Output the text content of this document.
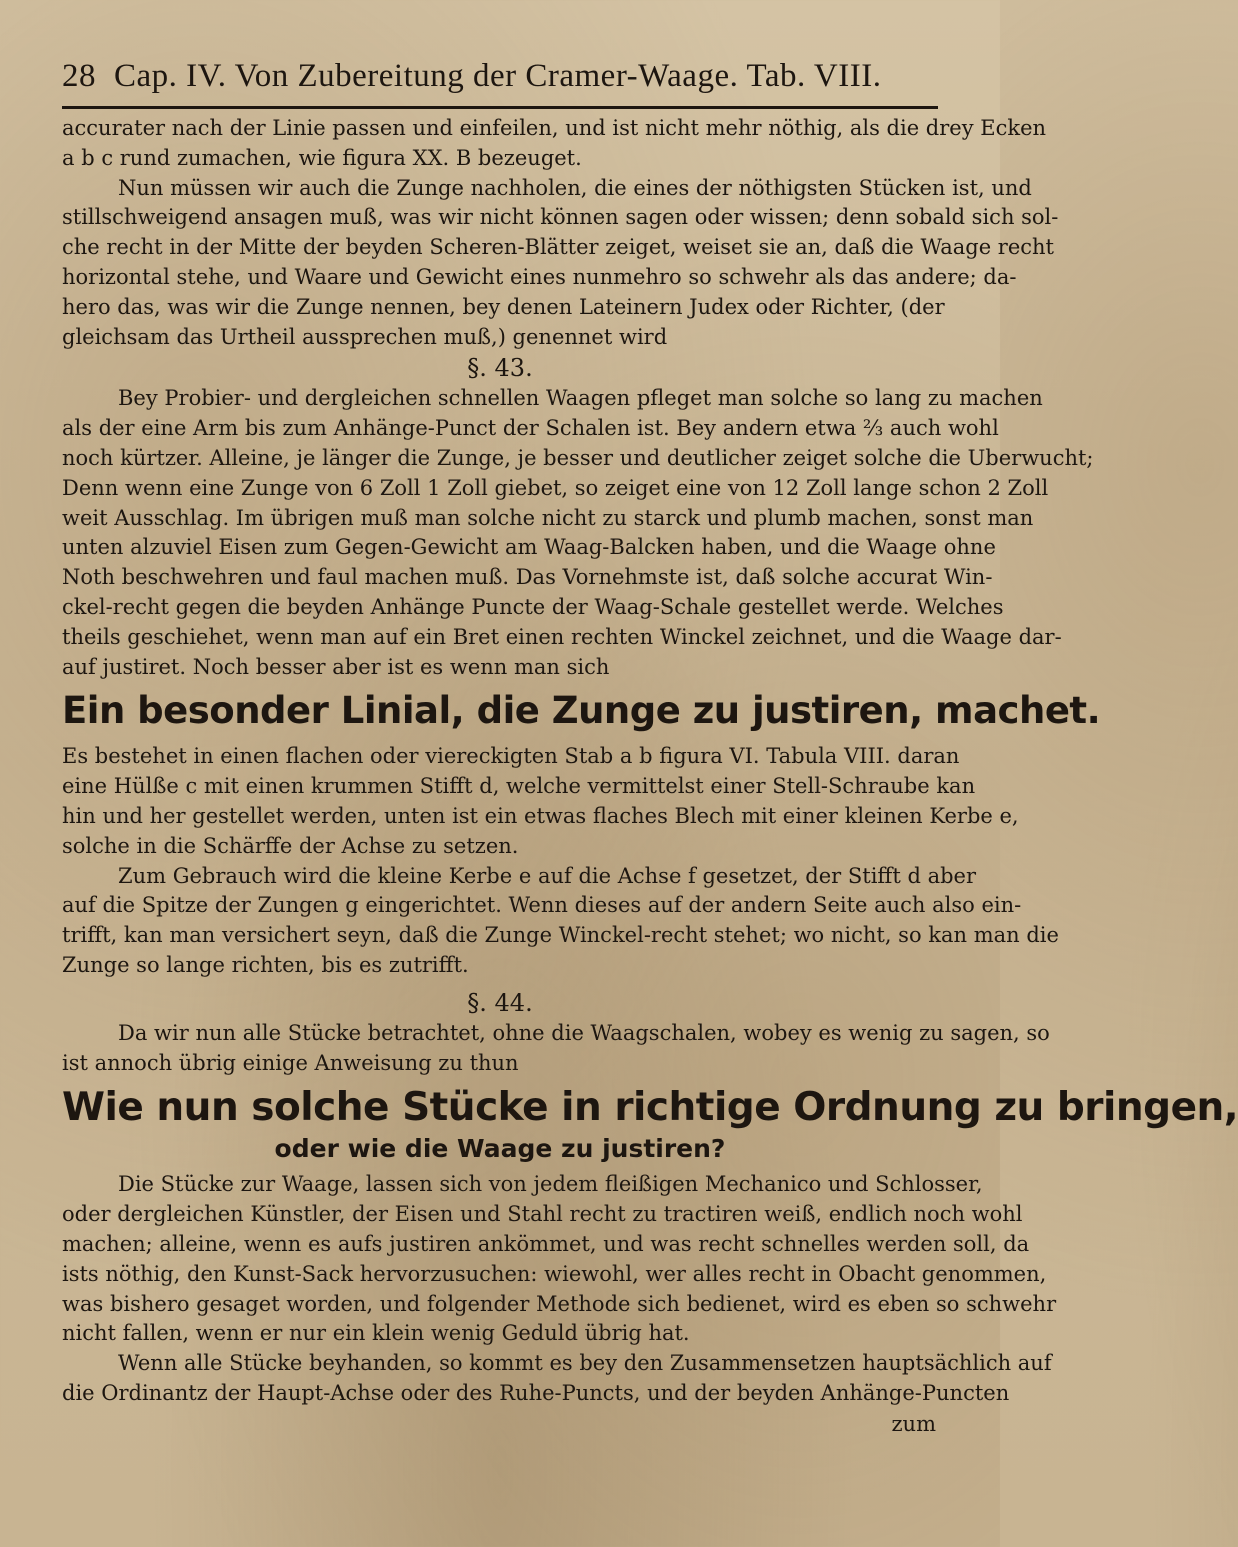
28 Cap. IV. Von Zubereitung der Cramer-Waage. Tab. VIII.

accurater nach der Linie passen und einfeilen, und ist nicht mehr nöthig, als die drey Ecken

a b c rund zumachen, wie figura XX. B bezeuget.

Nun müssen wir auch die Zunge nachholen, die eines der nöthigsten Stücken ist, und

stillschweigend ansagen muß, was wir nicht können sagen oder wissen; denn sobald sich sol-

che recht in der Mitte der beyden Scheren-Blätter zeiget, weiset sie an, daß die Waage recht

horizontal stehe, und Waare und Gewicht eines nunmehro so schwehr als das andere; da-

hero das, was wir die Zunge nennen, bey denen Lateinern Judex oder Richter, (der

gleichsam das Urtheil aussprechen muß,) genennet wird

§. 43.

Bey Probier- und dergleichen schnellen Waagen pfleget man solche so lang zu machen

als der eine Arm bis zum Anhänge-Punct der Schalen ist. Bey andern etwa ⅔ auch wohl

noch kürtzer. Alleine, je länger die Zunge, je besser und deutlicher zeiget solche die Uberwucht;

Denn wenn eine Zunge von 6 Zoll 1 Zoll giebet, so zeiget eine von 12 Zoll lange schon 2 Zoll

weit Ausschlag. Im übrigen muß man solche nicht zu starck und plumb machen, sonst man

unten alzuviel Eisen zum Gegen-Gewicht am Waag-Balcken haben, und die Waage ohne

Noth beschwehren und faul machen muß. Das Vornehmste ist, daß solche accurat Win-

ckel-recht gegen die beyden Anhänge Puncte der Waag-Schale gestellet werde. Welches

theils geschiehet, wenn man auf ein Bret einen rechten Winckel zeichnet, und die Waage dar-

auf justiret. Noch besser aber ist es wenn man sich

Ein besonder Linial, die Zunge zu justiren, machet.

Es bestehet in einen flachen oder viereckigten Stab a b figura VI. Tabula VIII. daran

eine Hülße c mit einen krummen Stifft d, welche vermittelst einer Stell-Schraube kan

hin und her gestellet werden, unten ist ein etwas flaches Blech mit einer kleinen Kerbe e,

solche in die Schärffe der Achse zu setzen.

Zum Gebrauch wird die kleine Kerbe e auf die Achse f gesetzet, der Stifft d aber

auf die Spitze der Zungen g eingerichtet. Wenn dieses auf der andern Seite auch also ein-

trifft, kan man versichert seyn, daß die Zunge Winckel-recht stehet; wo nicht, so kan man die

Zunge so lange richten, bis es zutrifft.

§. 44.

Da wir nun alle Stücke betrachtet, ohne die Waagschalen, wobey es wenig zu sagen, so

ist annoch übrig einige Anweisung zu thun

Wie nun solche Stücke in richtige Ordnung zu bringen,

oder wie die Waage zu justiren?

Die Stücke zur Waage, lassen sich von jedem fleißigen Mechanico und Schlosser,

oder dergleichen Künstler, der Eisen und Stahl recht zu tractiren weiß, endlich noch wohl

machen; alleine, wenn es aufs justiren ankömmet, und was recht schnelles werden soll, da

ists nöthig, den Kunst-Sack hervorzusuchen: wiewohl, wer alles recht in Obacht genommen,

was bishero gesaget worden, und folgender Methode sich bedienet, wird es eben so schwehr

nicht fallen, wenn er nur ein klein wenig Geduld übrig hat.

Wenn alle Stücke beyhanden, so kommt es bey den Zusammensetzen hauptsächlich auf

die Ordinantz der Haupt-Achse oder des Ruhe-Puncts, und der beyden Anhänge-Puncten

zum
